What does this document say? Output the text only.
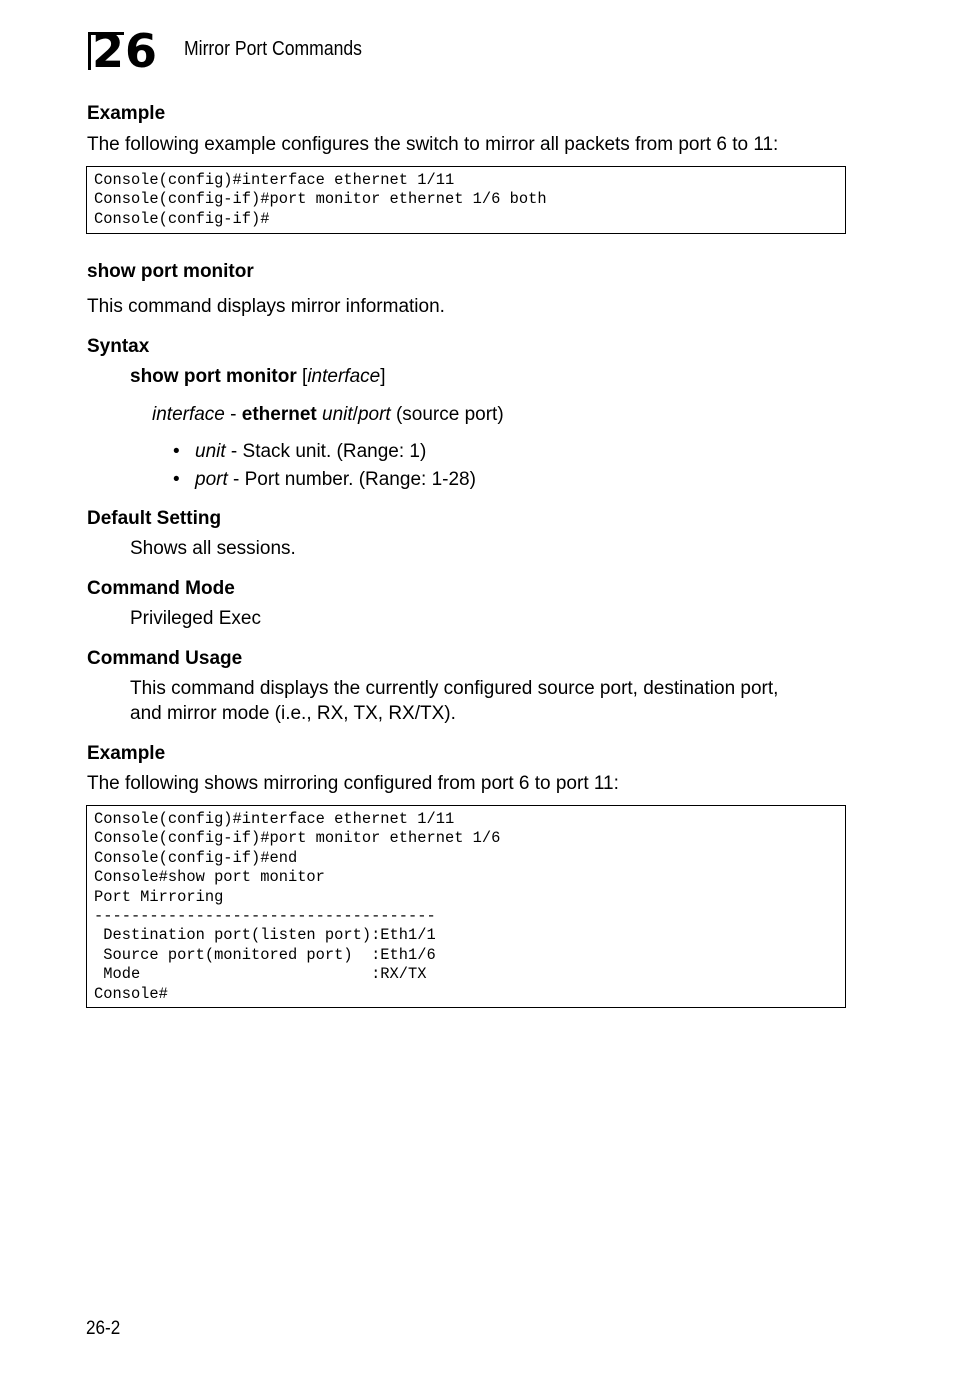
26 Mirror Port Commands
Example
The following example configures the switch to mirror all packets from port 6 to 11:
Console(config)#interface ethernet 1/11
Console(config-if)#port monitor ethernet 1/6 both
Console(config-if)#
show port monitor
This command displays mirror information.
Syntax
show port monitor [interface]
interface - ethernet unit/port (source port)
• unit - Stack unit. (Range: 1)
• port - Port number. (Range: 1-28)
Default Setting
Shows all sessions.
Command Mode
Privileged Exec
Command Usage
This command displays the currently configured source port, destination port,
and mirror mode (i.e., RX, TX, RX/TX).
Example
The following shows mirroring configured from port 6 to port 11:
Console(config)#interface ethernet 1/11
Console(config-if)#port monitor ethernet 1/6
Console(config-if)#end
Console#show port monitor
Port Mirroring
-------------------------------------
Destination port(listen port):Eth1/1
Source port(monitored port)  :Eth1/6
Mode                         :RX/TX
Console#
26-2
